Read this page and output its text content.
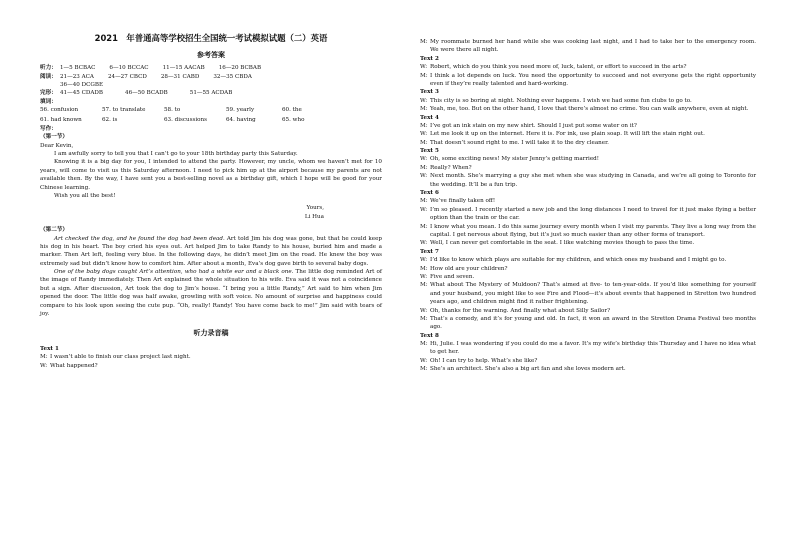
2021　年普通高等学校招生全国统一考试模拟试题（二）英语
参考答案
听力： 1—5 BCBAC	6—10 BCCAC	11—15 AACAB	16—20 BCBAB
阅读： 21—23 ACA	24—27 CBCD	28—31 CABD	32—35 CBDA
36—40 DCGBE
完形： 41—45 CDADB	46—50 BCADB	51—55 ACDAB
填词：
56. confusion	57. to translate	58. to	59. yearly	60. the
61. had known	62. is	63. discussions	64. having	65. who
写作：
（第一节）

Dear Kevin,

I am awfully sorry to tell you that I can’t go to your 18th birthday party this Saturday.

Knowing it is a big day for you, I intended to attend the party. However, my uncle, whom we haven’t met for 10 years, will come to visit us this Saturday afternoon. I need to pick him up at the airport because my parents are not available then. By the way, I have sent you a best-selling novel as a birthday gift, which I hope will be good for your Chinese learning.

Wish you all the best!

Yours,
Li Hua
（第二节）

Art checked the dog, and he found the dog had been dead. Art told Jim his dog was gone, but that he could keep his dog in his heart. The boy cried his eyes out. Art helped Jim to take Randy to his house, buried him and made a marker. Then Art left, feeling very blue. In the following days, he didn’t meet Jim on the road. He knew the boy was extremely sad but didn’t know how to comfort him. After about a month, Eva’s dog gave birth to several baby dogs.

One of the baby dogs caught Art’s attention, who had a white ear and a black one. The little dog reminded Art of the image of Randy immediately. Then Art explained the whole situation to his wife. Eva said it was not a coincidence but a sign. After discussion, Art took the dog to Jim’s house. “I bring you a little Randy,” Art said to him when Jim opened the door. The little dog was half awake, growling with soft voice. No amount of surprise and happiness could compare to his look upon seeing the cute pup. “Oh, really! Randy! You have come back to me!” Jim said with tears of joy.

听力录音稿
Text 1
M: I wasn’t able to finish our class project last night.
W: What happened?
M: My roommate burned her hand while she was cooking last night, and I had to take her to the emergency room. We were there all night.
Text 2
W: Robert, which do you think you need more of, luck, talent, or effort to succeed in the arts?
M: I think a lot depends on luck. You need the opportunity to succeed and not everyone gets the right opportunity even if they’re really talented and hard-working.
Text 3
W: This city is so boring at night. Nothing ever happens. I wish we had some fun clubs to go to.
M: Yeah, me, too. But on the other hand, I love that there’s almost no crime. You can walk anywhere, even at night.
Text 4
M: I’ve got an ink stain on my new shirt. Should I just put some water on it?
W: Let me look it up on the internet. Here it is. For ink, use plain soap. It will lift the stain right out.
M: That doesn’t sound right to me. I will take it to the dry cleaner.
Text 5
W: Oh, some exciting news! My sister Jenny’s getting married!
M: Really? When?
W: Next month. She’s marrying a guy she met when she was studying in Canada, and we’re all going to Toronto for the wedding. It’ll be a fun trip.
Text 6
M: We’ve finally taken off!
W: I’m so pleased. I recently started a new job and the long distances I need to travel for it just make flying a better option than the train or the car.
M: I know what you mean. I do this same journey every month when I visit my parents. They live a long way from the capital. I get nervous about flying, but it’s just so much easier than any other forms of transport.
W: Well, I can never get comfortable in the seat. I like watching movies though to pass the time.
Text 7
W: I’d like to know which plays are suitable for my children, and which ones my husband and I might go to.
M: How old are your children?
W: Five and seven.
M: What about The Mystery of Muldoon? That’s aimed at five- to ten-year-olds. If you’d like something for yourself and your husband, you might like to see Fire and Flood—it’s about events that happened in Stretton two hundred years ago, and children might find it rather frightening.
W: Oh, thanks for the warning. And finally what about Silly Sailor?
M: That’s a comedy, and it’s for young and old. In fact, it won an award in the Stretton Drama Festival two months ago.
Text 8
M: Hi, Julie. I was wondering if you could do me a favor. It’s my wife’s birthday this Thursday and I have no idea what to get her.
W: Oh! I can try to help. What’s she like?
M: She’s an architect. She’s also a big art fan and she loves modern art.
